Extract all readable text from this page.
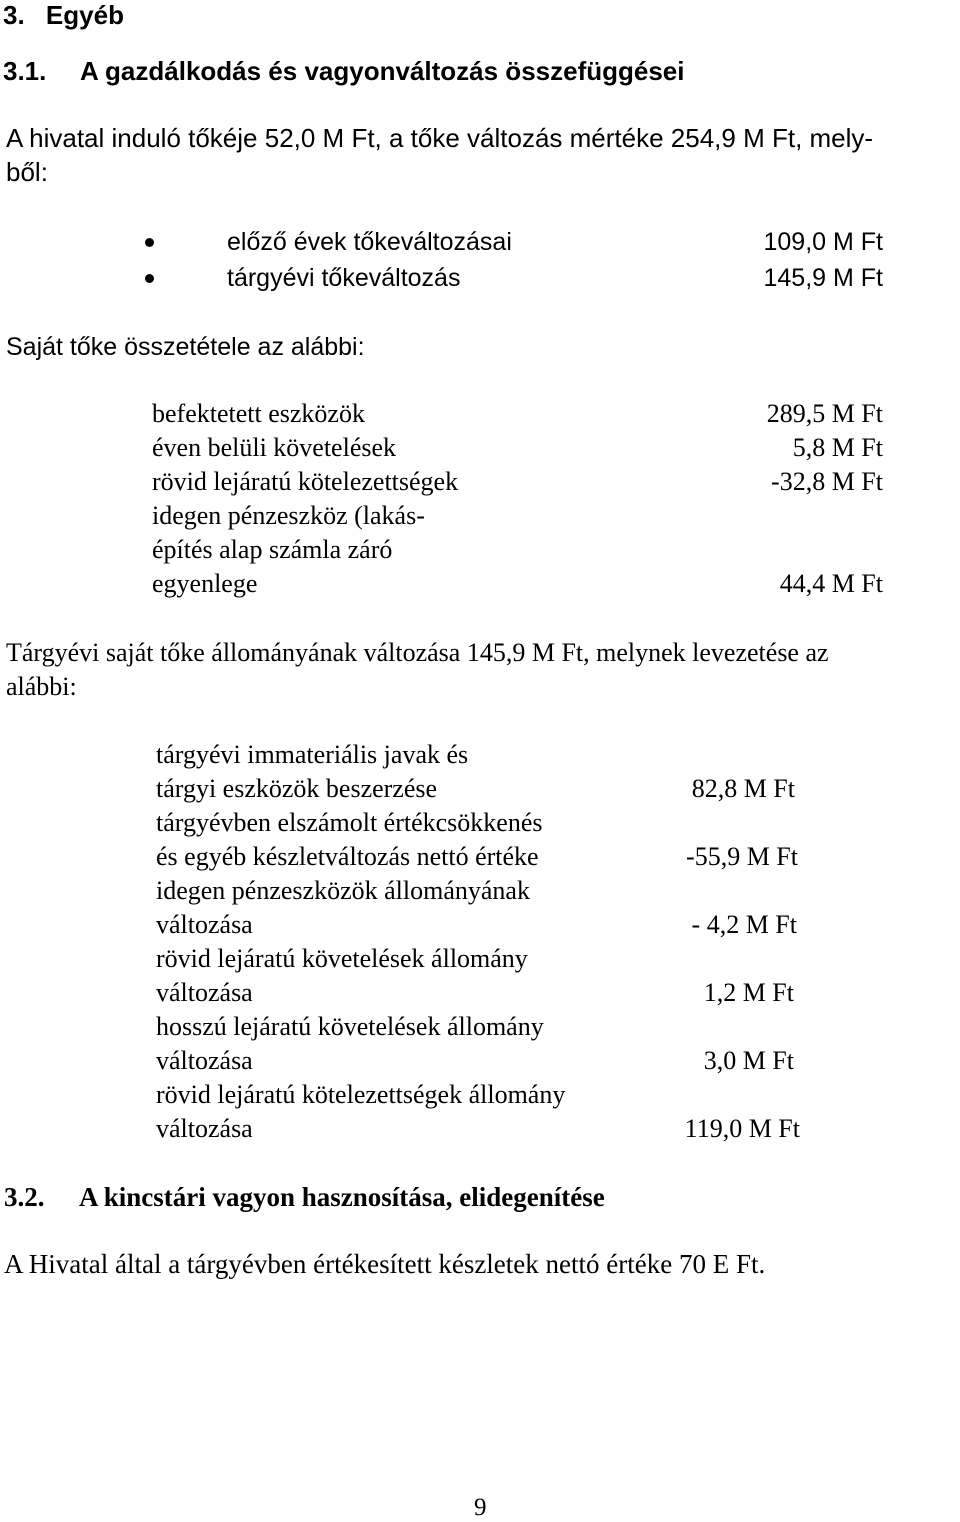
3. Egyéb
3.1. A gazdálkodás és vagyonváltozás összefüggései
A hivatal induló tőkéje 52,0 M Ft, a tőke változás mértéke 254,9 M Ft, mely-
ből:
előző évek tőkeváltozásai	109,0 M Ft
tárgyévi tőkeváltozás	145,9 M Ft
Saját tőke összetétele az alábbi:
befektetett eszközök	289,5 M Ft
éven belüli követelések	5,8 M Ft
rövid lejáratú kötelezettségek	-32,8 M Ft
idegen pénzeszköz (lakás-
építés alap számla záró
egyenlege	44,4 M Ft
Tárgyévi saját tőke állományának változása 145,9 M Ft, melynek levezetése az
alábbi:
tárgyévi immateriális javak és
tárgyi eszközök beszerzése	82,8 M Ft
tárgyévben elszámolt értékcsökkenés
és egyéb készletváltozás nettó értéke	-55,9 M Ft
idegen pénzeszközök állományának
változása	- 4,2 M Ft
rövid lejáratú követelések állomány
változása	1,2 M Ft
hosszú lejáratú követelések állomány
változása	3,0 M Ft
rövid lejáratú kötelezettségek állomány
változása	119,0 M Ft
3.2. A kincstári vagyon hasznosítása, elidegenítése
A Hivatal által a tárgyévben értékesített készletek nettó értéke 70 E Ft.
9
